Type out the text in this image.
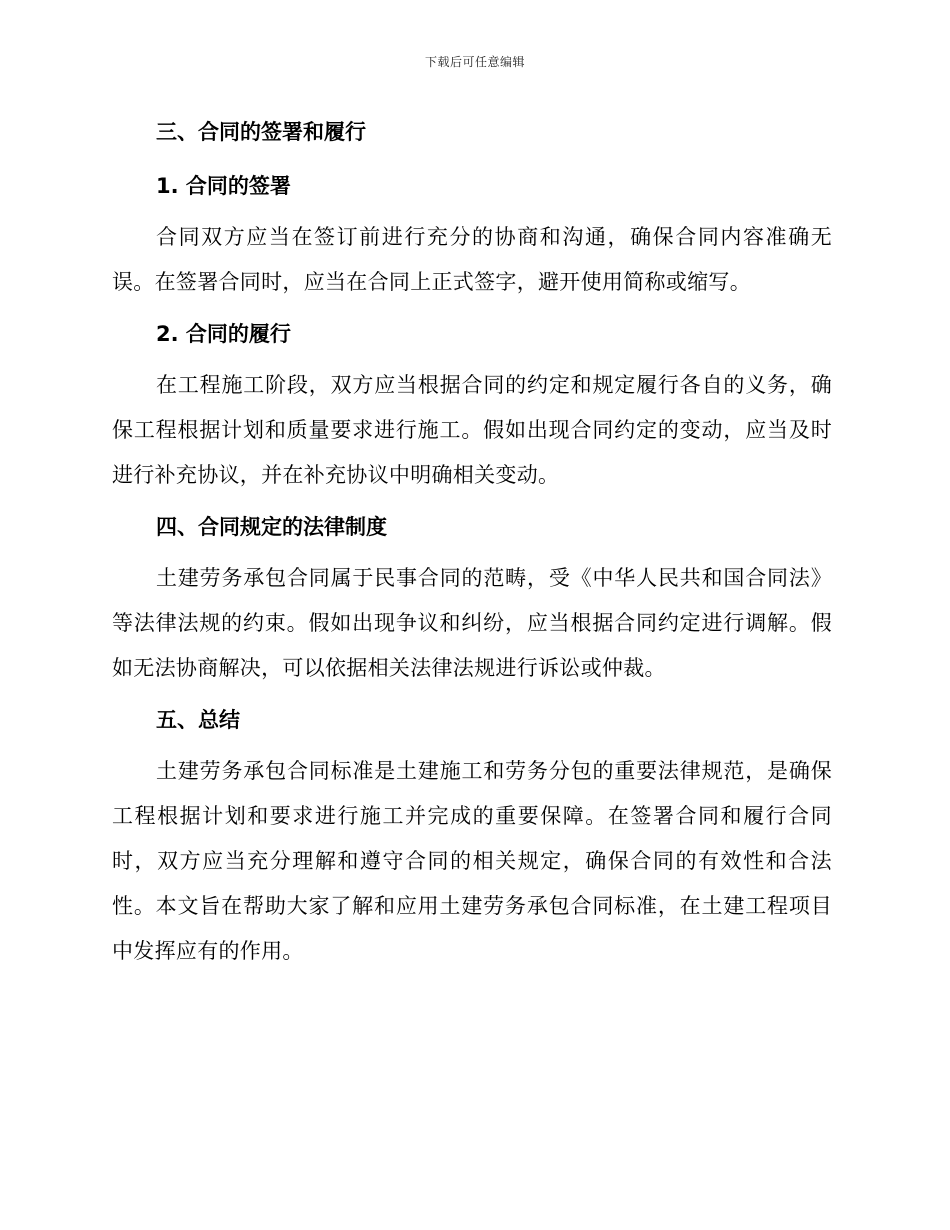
下载后可任意编辑
三、合同的签署和履行
1. 合同的签署

合同双方应当在签订前进行充分的协商和沟通，确保合同内容准确无误。在签署合同时，应当在合同上正式签字，避开使用简称或缩写。

2. 合同的履行

在工程施工阶段，双方应当根据合同的约定和规定履行各自的义务，确保工程根据计划和质量要求进行施工。假如出现合同约定的变动，应当及时进行补充协议，并在补充协议中明确相关变动。

四、合同规定的法律制度

土建劳务承包合同属于民事合同的范畴，受《中华人民共和国合同法》等法律法规的约束。假如出现争议和纠纷，应当根据合同约定进行调解。假如无法协商解决，可以依据相关法律法规进行诉讼或仲裁。

五、总结

土建劳务承包合同标准是土建施工和劳务分包的重要法律规范，是确保工程根据计划和要求进行施工并完成的重要保障。在签署合同和履行合同时，双方应当充分理解和遵守合同的相关规定，确保合同的有效性和合法性。本文旨在帮助大家了解和应用土建劳务承包合同标准，在土建工程项目中发挥应有的作用。
